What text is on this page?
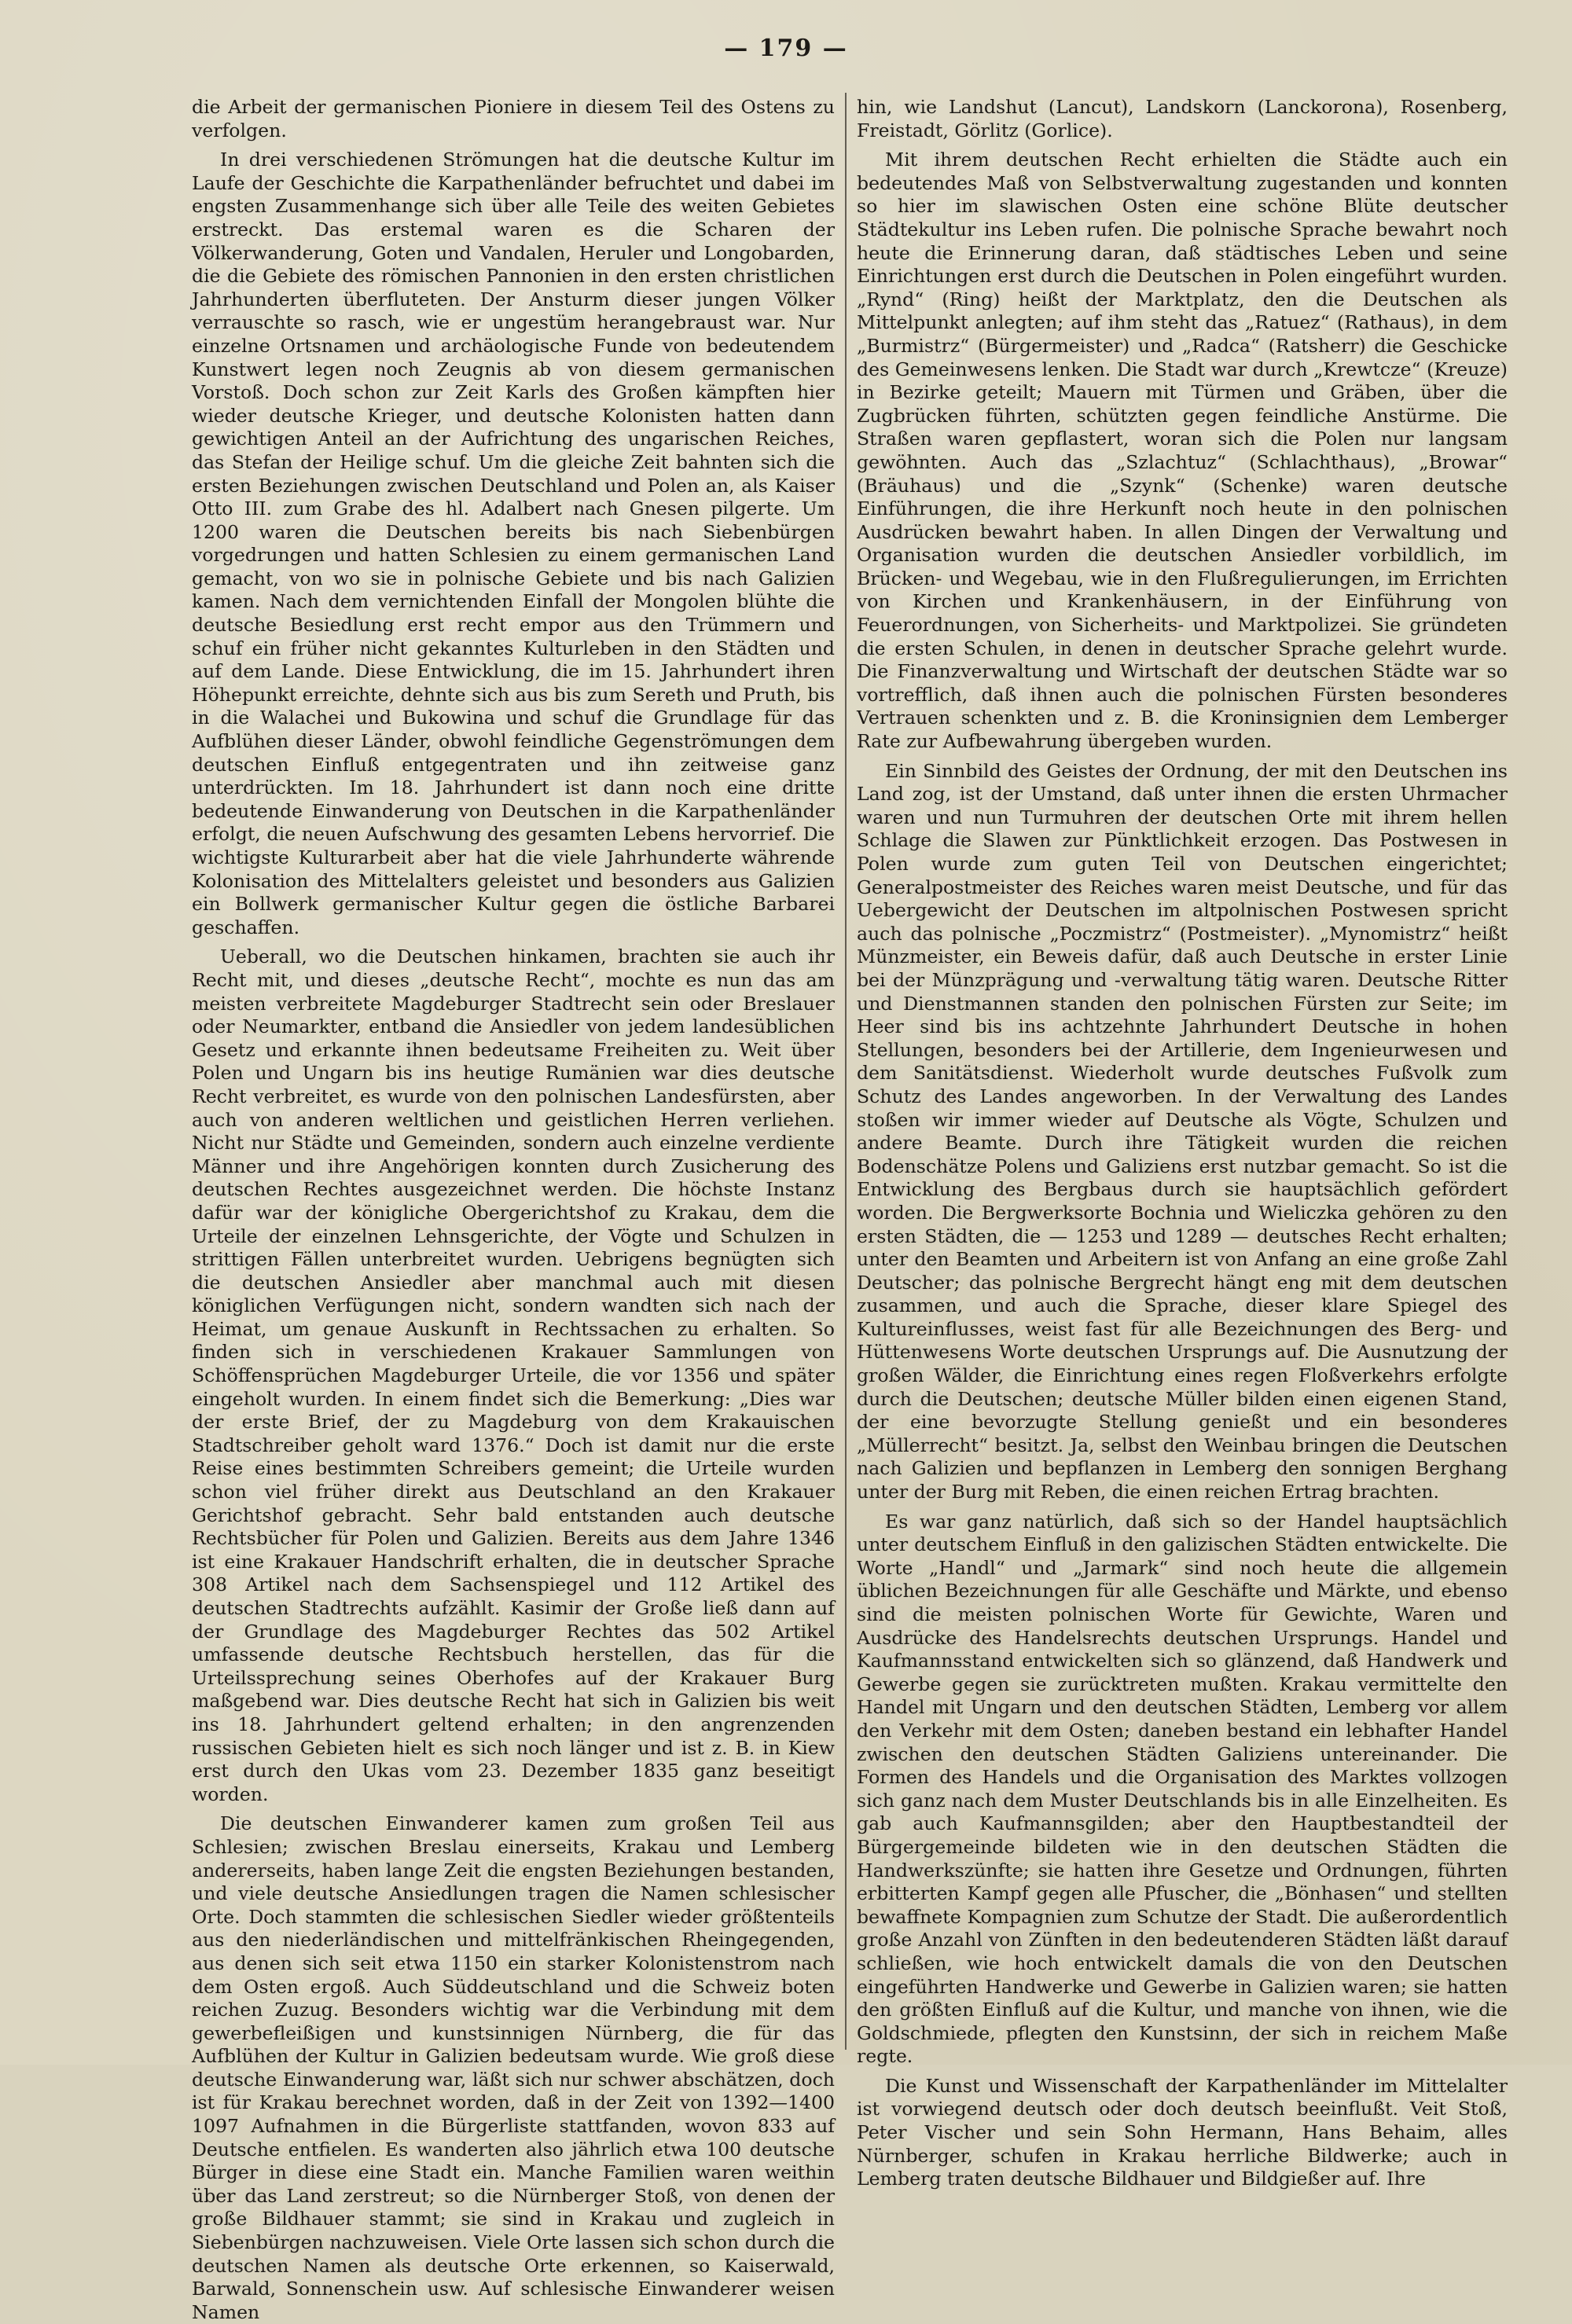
— 179 —

die Arbeit der germanischen Pioniere in diesem Teil des Ostens zu verfolgen.

In drei verschiedenen Strömungen hat die deutsche Kultur im Laufe der Geschichte die Karpathenländer befruchtet und dabei im engsten Zusammenhange sich über alle Teile des weiten Gebietes erstreckt. Das erstemal waren es die Scharen der Völkerwanderung, Goten und Vandalen, Heruler und Longobarden, die die Gebiete des römischen Pannonien in den ersten christlichen Jahrhunderten überfluteten. Der Ansturm dieser jungen Völker verrauschte so rasch, wie er ungestüm herangebraust war. Nur einzelne Ortsnamen und archäologische Funde von bedeutendem Kunstwert legen noch Zeugnis ab von diesem germanischen Vorstoß. Doch schon zur Zeit Karls des Großen kämpften hier wieder deutsche Krieger, und deutsche Kolonisten hatten dann gewichtigen Anteil an der Aufrichtung des ungarischen Reiches, das Stefan der Heilige schuf. Um die gleiche Zeit bahnten sich die ersten Beziehungen zwischen Deutschland und Polen an, als Kaiser Otto III. zum Grabe des hl. Adalbert nach Gnesen pilgerte. Um 1200 waren die Deutschen bereits bis nach Siebenbürgen vorgedrungen und hatten Schlesien zu einem germanischen Land gemacht, von wo sie in polnische Gebiete und bis nach Galizien kamen. Nach dem vernichtenden Einfall der Mongolen blühte die deutsche Besiedlung erst recht empor aus den Trümmern und schuf ein früher nicht gekanntes Kulturleben in den Städten und auf dem Lande. Diese Entwicklung, die im 15. Jahrhundert ihren Höhepunkt erreichte, dehnte sich aus bis zum Sereth und Pruth, bis in die Walachei und Bukowina und schuf die Grundlage für das Aufblühen dieser Länder, obwohl feindliche Gegenströmungen dem deutschen Einfluß entgegentraten und ihn zeitweise ganz unterdrückten. Im 18. Jahrhundert ist dann noch eine dritte bedeutende Einwanderung von Deutschen in die Karpathenländer erfolgt, die neuen Aufschwung des gesamten Lebens hervorrief. Die wichtigste Kulturarbeit aber hat die viele Jahrhunderte währende Kolonisation des Mittelalters geleistet und besonders aus Galizien ein Bollwerk germanischer Kultur gegen die östliche Barbarei geschaffen.

Ueberall, wo die Deutschen hinkamen, brachten sie auch ihr Recht mit, und dieses „deutsche Recht“, mochte es nun das am meisten verbreitete Magdeburger Stadtrecht sein oder Breslauer oder Neumarkter, entband die Ansiedler von jedem landesüblichen Gesetz und erkannte ihnen bedeutsame Freiheiten zu. Weit über Polen und Ungarn bis ins heutige Rumänien war dies deutsche Recht verbreitet, es wurde von den polnischen Landesfürsten, aber auch von anderen weltlichen und geistlichen Herren verliehen. Nicht nur Städte und Gemeinden, sondern auch einzelne verdiente Männer und ihre Angehörigen konnten durch Zusicherung des deutschen Rechtes ausgezeichnet werden. Die höchste Instanz dafür war der königliche Obergerichtshof zu Krakau, dem die Urteile der einzelnen Lehnsgerichte, der Vögte und Schulzen in strittigen Fällen unterbreitet wurden. Uebrigens begnügten sich die deutschen Ansiedler aber manchmal auch mit diesen königlichen Verfügungen nicht, sondern wandten sich nach der Heimat, um genaue Auskunft in Rechtssachen zu erhalten. So finden sich in verschiedenen Krakauer Sammlungen von Schöffensprüchen Magdeburger Urteile, die vor 1356 und später eingeholt wurden. In einem findet sich die Bemerkung: „Dies war der erste Brief, der zu Magdeburg von dem Krakauischen Stadtschreiber geholt ward 1376.“ Doch ist damit nur die erste Reise eines bestimmten Schreibers gemeint; die Urteile wurden schon viel früher direkt aus Deutschland an den Krakauer Gerichtshof gebracht. Sehr bald entstanden auch deutsche Rechtsbücher für Polen und Galizien. Bereits aus dem Jahre 1346 ist eine Krakauer Handschrift erhalten, die in deutscher Sprache 308 Artikel nach dem Sachsenspiegel und 112 Artikel des deutschen Stadtrechts aufzählt. Kasimir der Große ließ dann auf der Grundlage des Magdeburger Rechtes das 502 Artikel umfassende deutsche Rechtsbuch herstellen, das für die Urteilssprechung seines Oberhofes auf der Krakauer Burg maßgebend war. Dies deutsche Recht hat sich in Galizien bis weit ins 18. Jahrhundert geltend erhalten; in den angrenzenden russischen Gebieten hielt es sich noch länger und ist z. B. in Kiew erst durch den Ukas vom 23. Dezember 1835 ganz beseitigt worden.

Die deutschen Einwanderer kamen zum großen Teil aus Schlesien; zwischen Breslau einerseits, Krakau und Lemberg andererseits, haben lange Zeit die engsten Beziehungen bestanden, und viele deutsche Ansiedlungen tragen die Namen schlesischer Orte. Doch stammten die schlesischen Siedler wieder größtenteils aus den niederländischen und mittelfränkischen Rheingegenden, aus denen sich seit etwa 1150 ein starker Kolonistenstrom nach dem Osten ergoß. Auch Süddeutschland und die Schweiz boten reichen Zuzug. Besonders wichtig war die Verbindung mit dem gewerbefleißigen und kunstsinnigen Nürnberg, die für das Aufblühen der Kultur in Galizien bedeutsam wurde. Wie groß diese deutsche Einwanderung war, läßt sich nur schwer abschätzen, doch ist für Krakau berechnet worden, daß in der Zeit von 1392—1400 1097 Aufnahmen in die Bürgerliste stattfanden, wovon 833 auf Deutsche entfielen. Es wanderten also jährlich etwa 100 deutsche Bürger in diese eine Stadt ein. Manche Familien waren weithin über das Land zerstreut; so die Nürnberger Stoß, von denen der große Bildhauer stammt; sie sind in Krakau und zugleich in Siebenbürgen nachzuweisen. Viele Orte lassen sich schon durch die deutschen Namen als deutsche Orte erkennen, so Kaiserwald, Barwald, Sonnenschein usw. Auf schlesische Einwanderer weisen Namen

hin, wie Landshut (Lancut), Landskorn (Lanckorona), Rosenberg, Freistadt, Görlitz (Gorlice).

Mit ihrem deutschen Recht erhielten die Städte auch ein bedeutendes Maß von Selbstverwaltung zugestanden und konnten so hier im slawischen Osten eine schöne Blüte deutscher Städtekultur ins Leben rufen. Die polnische Sprache bewahrt noch heute die Erinnerung daran, daß städtisches Leben und seine Einrichtungen erst durch die Deutschen in Polen eingeführt wurden. „Rynd“ (Ring) heißt der Marktplatz, den die Deutschen als Mittelpunkt anlegten; auf ihm steht das „Ratuez“ (Rathaus), in dem „Burmistrz“ (Bürgermeister) und „Radca“ (Ratsherr) die Geschicke des Gemeinwesens lenken. Die Stadt war durch „Krewtcze“ (Kreuze) in Bezirke geteilt; Mauern mit Türmen und Gräben, über die Zugbrücken führten, schützten gegen feindliche Anstürme. Die Straßen waren gepflastert, woran sich die Polen nur langsam gewöhnten. Auch das „Szlachtuz“ (Schlachthaus), „Browar“ (Bräuhaus) und die „Szynk“ (Schenke) waren deutsche Einführungen, die ihre Herkunft noch heute in den polnischen Ausdrücken bewahrt haben. In allen Dingen der Verwaltung und Organisation wurden die deutschen Ansiedler vorbildlich, im Brücken- und Wegebau, wie in den Flußregulierungen, im Errichten von Kirchen und Krankenhäusern, in der Einführung von Feuerordnungen, von Sicherheits- und Marktpolizei. Sie gründeten die ersten Schulen, in denen in deutscher Sprache gelehrt wurde. Die Finanzverwaltung und Wirtschaft der deutschen Städte war so vortrefflich, daß ihnen auch die polnischen Fürsten besonderes Vertrauen schenkten und z. B. die Kroninsignien dem Lemberger Rate zur Aufbewahrung übergeben wurden.

Ein Sinnbild des Geistes der Ordnung, der mit den Deutschen ins Land zog, ist der Umstand, daß unter ihnen die ersten Uhrmacher waren und nun Turmuhren der deutschen Orte mit ihrem hellen Schlage die Slawen zur Pünktlichkeit erzogen. Das Postwesen in Polen wurde zum guten Teil von Deutschen eingerichtet; Generalpostmeister des Reiches waren meist Deutsche, und für das Uebergewicht der Deutschen im altpolnischen Postwesen spricht auch das polnische „Poczmistrz“ (Postmeister). „Mynomistrz“ heißt Münzmeister, ein Beweis dafür, daß auch Deutsche in erster Linie bei der Münzprägung und -verwaltung tätig waren. Deutsche Ritter und Dienstmannen standen den polnischen Fürsten zur Seite; im Heer sind bis ins achtzehnte Jahrhundert Deutsche in hohen Stellungen, besonders bei der Artillerie, dem Ingenieurwesen und dem Sanitätsdienst. Wiederholt wurde deutsches Fußvolk zum Schutz des Landes angeworben. In der Verwaltung des Landes stoßen wir immer wieder auf Deutsche als Vögte, Schulzen und andere Beamte. Durch ihre Tätigkeit wurden die reichen Bodenschätze Polens und Galiziens erst nutzbar gemacht. So ist die Entwicklung des Bergbaus durch sie hauptsächlich gefördert worden. Die Bergwerksorte Bochnia und Wieliczka gehören zu den ersten Städten, die — 1253 und 1289 — deutsches Recht erhalten; unter den Beamten und Arbeitern ist von Anfang an eine große Zahl Deutscher; das polnische Bergrecht hängt eng mit dem deutschen zusammen, und auch die Sprache, dieser klare Spiegel des Kultureinflusses, weist fast für alle Bezeichnungen des Berg- und Hüttenwesens Worte deutschen Ursprungs auf. Die Ausnutzung der großen Wälder, die Einrichtung eines regen Floßverkehrs erfolgte durch die Deutschen; deutsche Müller bilden einen eigenen Stand, der eine bevorzugte Stellung genießt und ein besonderes „Müllerrecht“ besitzt. Ja, selbst den Weinbau bringen die Deutschen nach Galizien und bepflanzen in Lemberg den sonnigen Berghang unter der Burg mit Reben, die einen reichen Ertrag brachten.

Es war ganz natürlich, daß sich so der Handel hauptsächlich unter deutschem Einfluß in den galizischen Städten entwickelte. Die Worte „Handl“ und „Jarmark“ sind noch heute die allgemein üblichen Bezeichnungen für alle Geschäfte und Märkte, und ebenso sind die meisten polnischen Worte für Gewichte, Waren und Ausdrücke des Handelsrechts deutschen Ursprungs. Handel und Kaufmannsstand entwickelten sich so glänzend, daß Handwerk und Gewerbe gegen sie zurücktreten mußten. Krakau vermittelte den Handel mit Ungarn und den deutschen Städten, Lemberg vor allem den Verkehr mit dem Osten; daneben bestand ein lebhafter Handel zwischen den deutschen Städten Galiziens untereinander. Die Formen des Handels und die Organisation des Marktes vollzogen sich ganz nach dem Muster Deutschlands bis in alle Einzelheiten. Es gab auch Kaufmannsgilden; aber den Hauptbestandteil der Bürgergemeinde bildeten wie in den deutschen Städten die Handwerkszünfte; sie hatten ihre Gesetze und Ordnungen, führten erbitterten Kampf gegen alle Pfuscher, die „Bönhasen“ und stellten bewaffnete Kompagnien zum Schutze der Stadt. Die außerordentlich große Anzahl von Zünften in den bedeutenderen Städten läßt darauf schließen, wie hoch entwickelt damals die von den Deutschen eingeführten Handwerke und Gewerbe in Galizien waren; sie hatten den größten Einfluß auf die Kultur, und manche von ihnen, wie die Goldschmiede, pflegten den Kunstsinn, der sich in reichem Maße regte.

Die Kunst und Wissenschaft der Karpathenländer im Mittelalter ist vorwiegend deutsch oder doch deutsch beeinflußt. Veit Stoß, Peter Vischer und sein Sohn Hermann, Hans Behaim, alles Nürnberger, schufen in Krakau herrliche Bildwerke; auch in Lemberg traten deutsche Bildhauer und Bildgießer auf. Ihre
